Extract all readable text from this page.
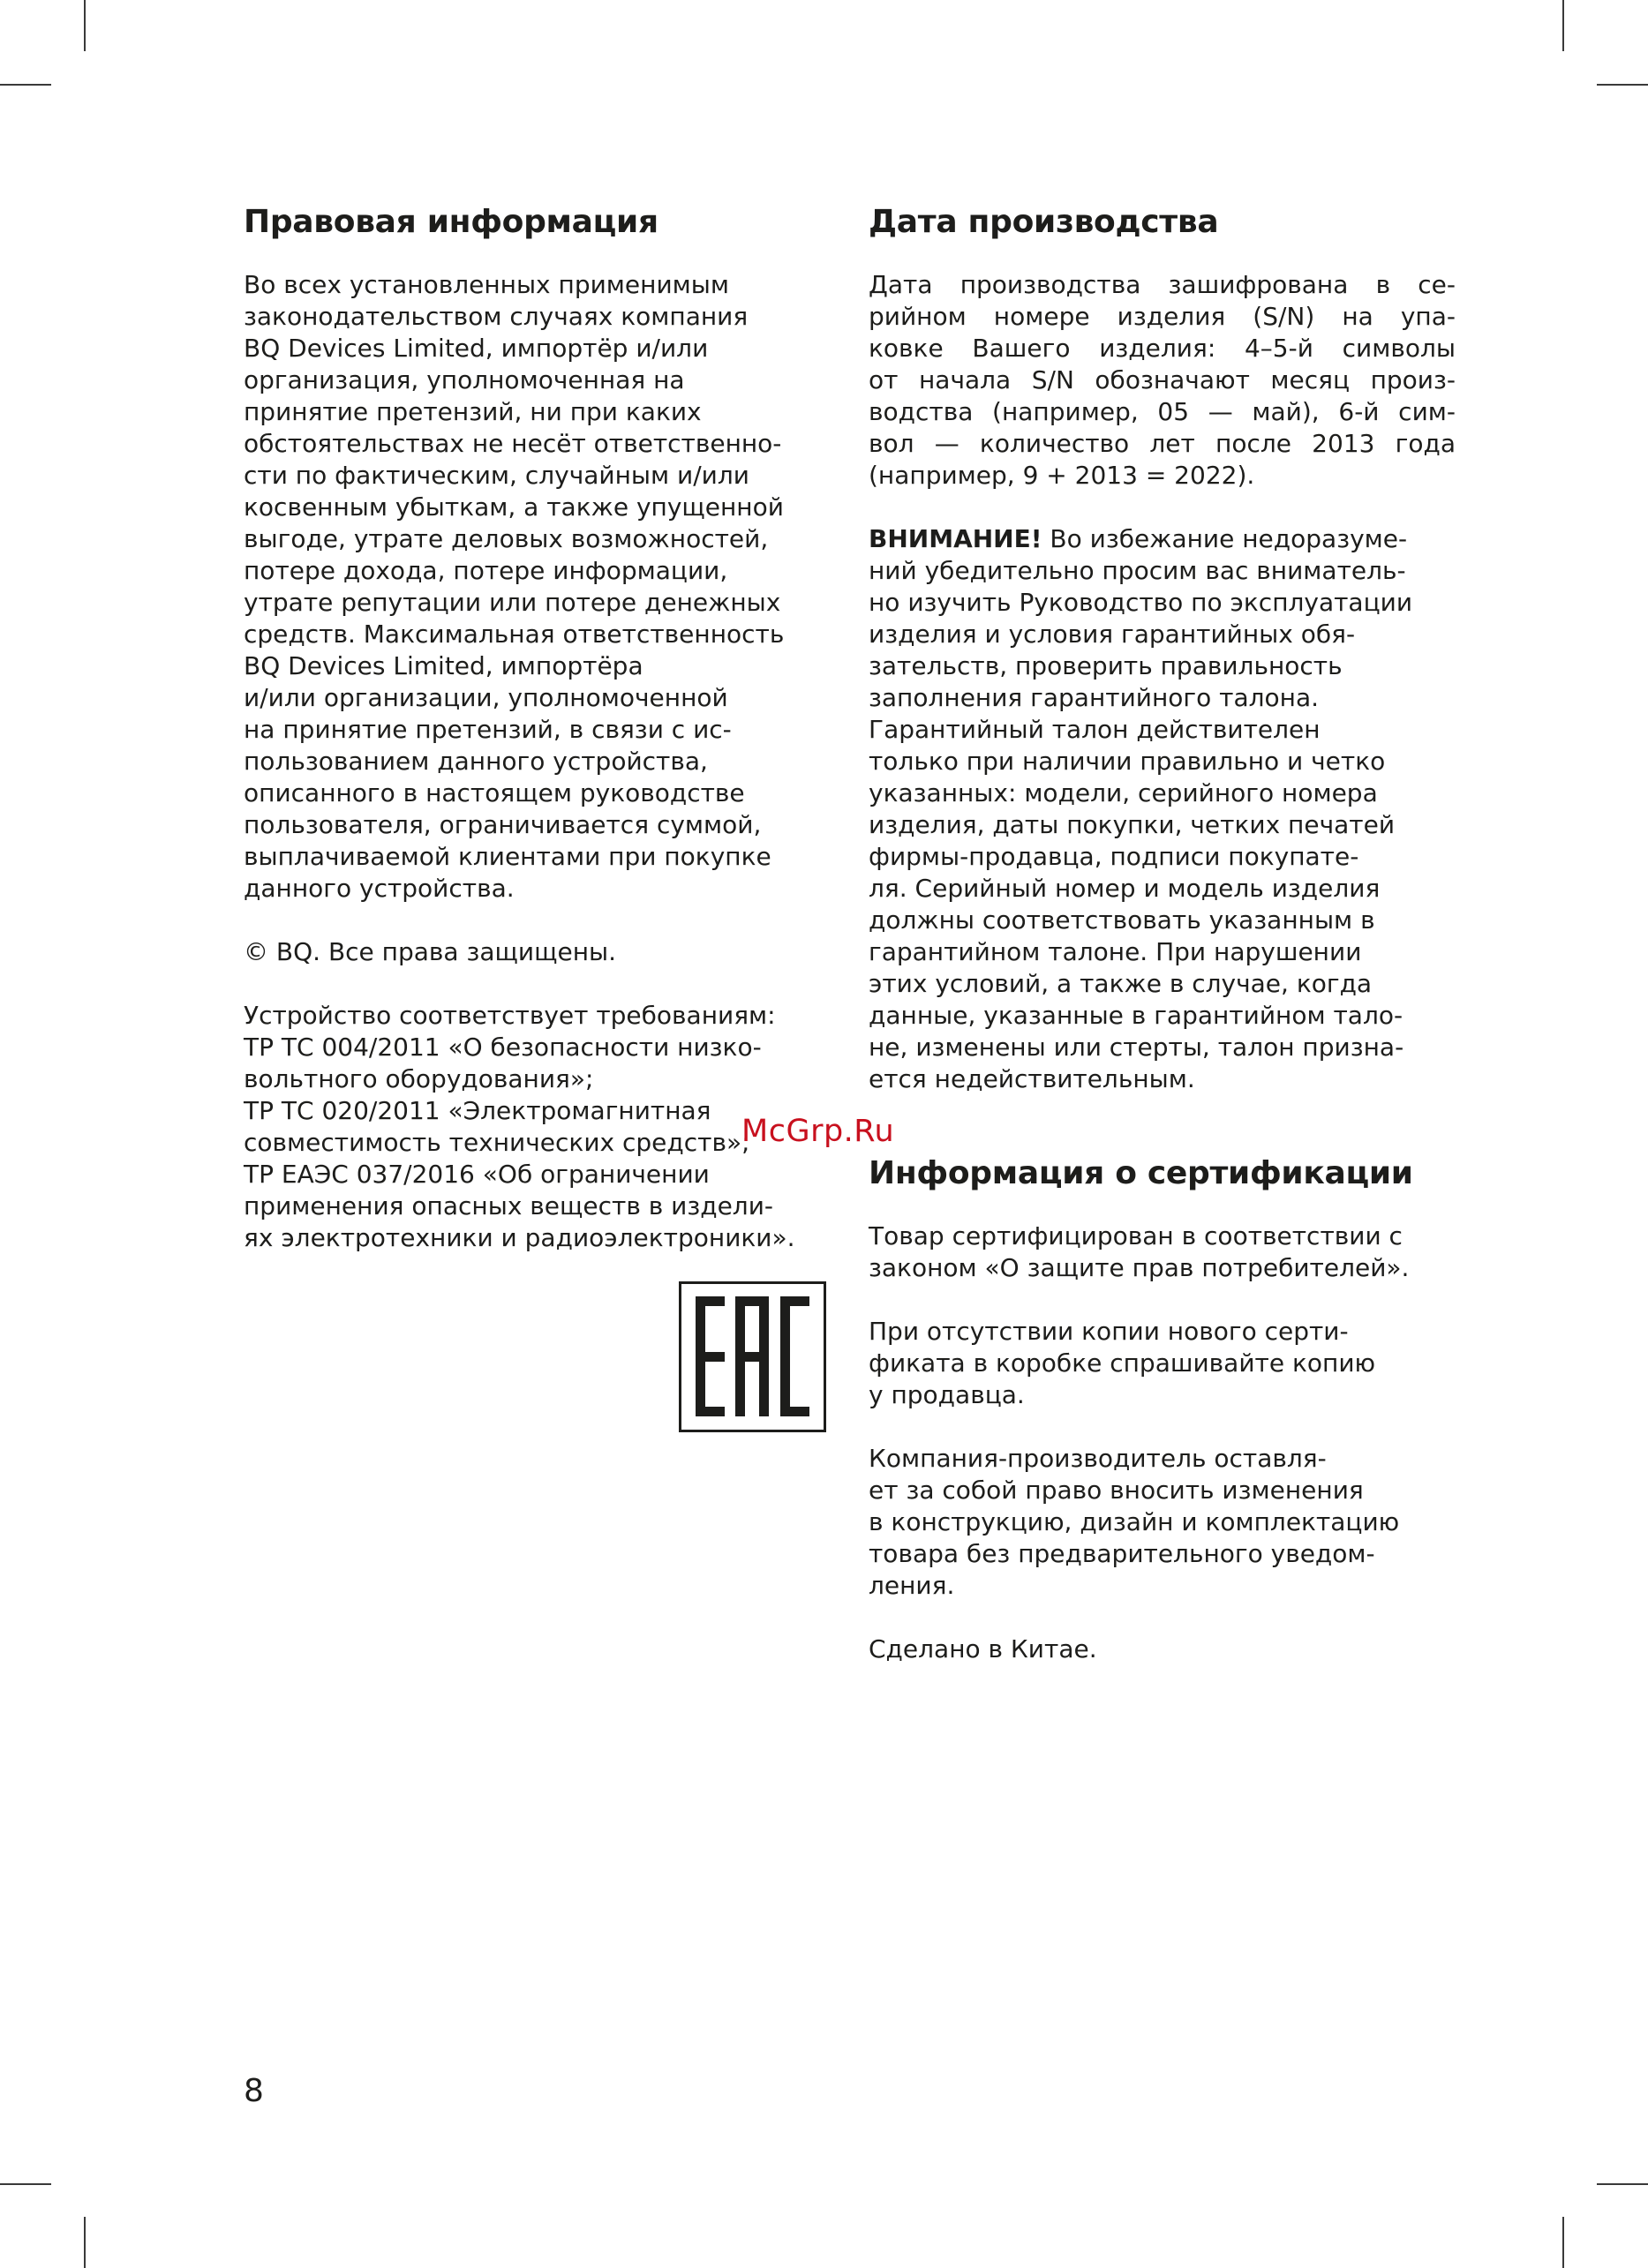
Правовая информация
Во всех установленных применимым
законодательством случаях компания
BQ Devices Limited, импортёр и/или
организация, уполномоченная на
принятие претензий, ни при каких
обстоятельствах не несёт ответственно-
сти по фактическим, случайным и/или
косвенным убыткам, а также упущенной
выгоде, утрате деловых возможностей,
потере дохода, потере информации,
утрате репутации или потере денежных
средств. Максимальная ответственность
BQ Devices Limited, импортёра
и/или организации, уполномоченной
на принятие претензий, в связи с ис-
пользованием данного устройства,
описанного в настоящем руководстве
пользователя, ограничивается суммой,
выплачиваемой клиентами при покупке
данного устройства.
© BQ. Все права защищены.
Устройство соответствует требованиям:
ТР ТС 004/2011 «О безопасности низко-
вольтного оборудования»;
ТР ТС 020/2011 «Электромагнитная
совместимость технических средств»;
ТР ЕАЭС 037/2016 «Об ограничении
применения опасных веществ в издели-
ях электротехники и радиоэлектроники».
Дата производства
Дата производства зашифрована в се-
рийном номере изделия (S/N) на упа-
ковке Вашего изделия: 4–5-й символы
от начала S/N обозначают месяц произ-
водства (например, 05 — май), 6-й сим-
вол — количество лет после 2013 года
(например, 9 + 2013 = 2022).
ВНИМАНИЕ! Во избежание недоразуме-
ний убедительно просим вас вниматель-
но изучить Руководство по эксплуатации
изделия и условия гарантийных обя-
зательств, проверить правильность
заполнения гарантийного талона.
Гарантийный талон действителен
только при наличии правильно и четко
указанных: модели, серийного номера
изделия, даты покупки, четких печатей
фирмы-продавца, подписи покупате-
ля. Серийный номер и модель изделия
должны соответствовать указанным в
гарантийном талоне. При нарушении
этих условий, а также в случае, когда
данные, указанные в гарантийном тало-
не, изменены или стерты, талон призна-
ется недействительным.
Информация о сертификации
Товар сертифицирован в соответствии с
законом «О защите прав потребителей».
При отсутствии копии нового серти-
фиката в коробке спрашивайте копию
у продавца.
Компания-производитель оставля-
ет за собой право вносить изменения
в конструкцию, дизайн и комплектацию
товара без предварительного уведом-
ления.
Сделано в Китае.
McGrp.Ru
8
